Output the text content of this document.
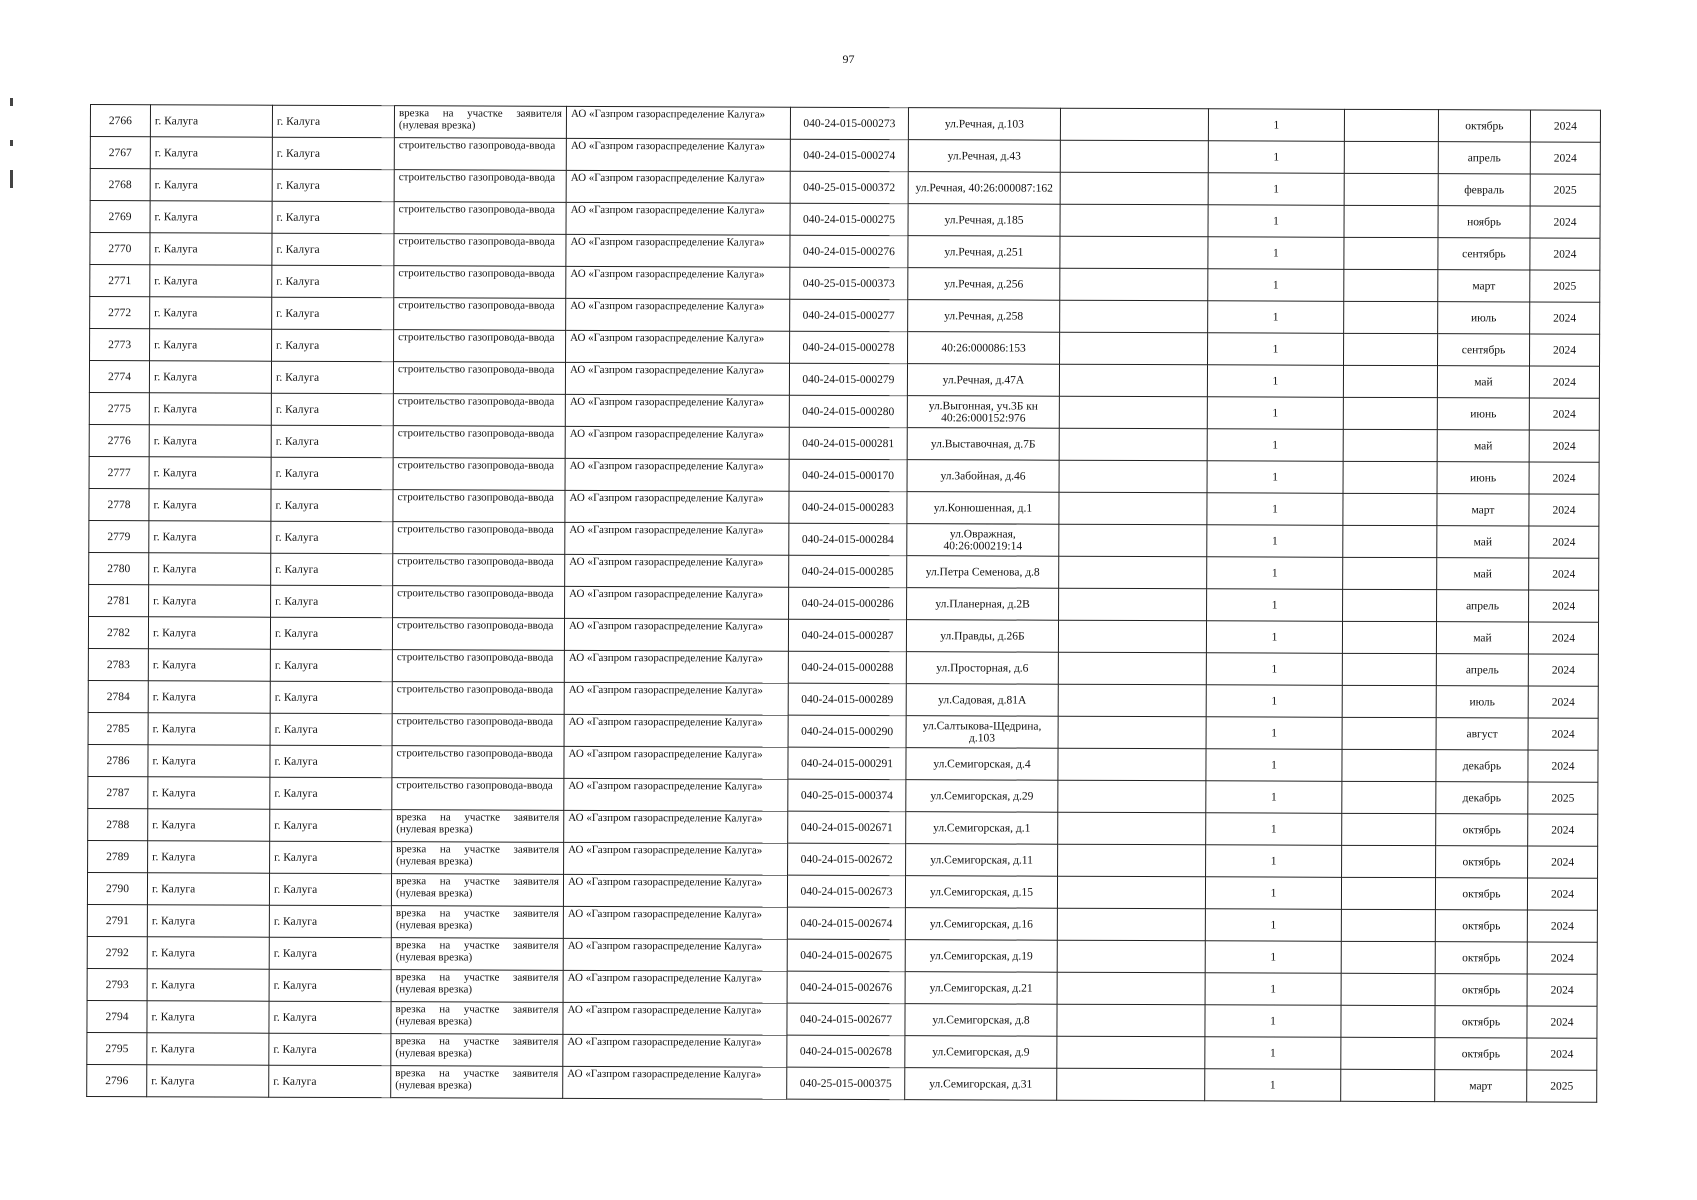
97
2766	г. Калуга	г. Калуга	врезка на участке заявителя (нулевая врезка)	АО «Газпром газораспределение Калуга»	040-24-015-000273	ул.Речная, д.103		1		октябрь	2024
2767	г. Калуга	г. Калуга	строительство газопровода-ввода	АО «Газпром газораспределение Калуга»	040-24-015-000274	ул.Речная, д.43		1		апрель	2024
2768	г. Калуга	г. Калуга	строительство газопровода-ввода	АО «Газпром газораспределение Калуга»	040-25-015-000372	ул.Речная, 40:26:000087:162		1		февраль	2025
2769	г. Калуга	г. Калуга	строительство газопровода-ввода	АО «Газпром газораспределение Калуга»	040-24-015-000275	ул.Речная, д.185		1		ноябрь	2024
2770	г. Калуга	г. Калуга	строительство газопровода-ввода	АО «Газпром газораспределение Калуга»	040-24-015-000276	ул.Речная, д.251		1		сентябрь	2024
2771	г. Калуга	г. Калуга	строительство газопровода-ввода	АО «Газпром газораспределение Калуга»	040-25-015-000373	ул.Речная, д.256		1		март	2025
2772	г. Калуга	г. Калуга	строительство газопровода-ввода	АО «Газпром газораспределение Калуга»	040-24-015-000277	ул.Речная, д.258		1		июль	2024
2773	г. Калуга	г. Калуга	строительство газопровода-ввода	АО «Газпром газораспределение Калуга»	040-24-015-000278	40:26:000086:153		1		сентябрь	2024
2774	г. Калуга	г. Калуга	строительство газопровода-ввода	АО «Газпром газораспределение Калуга»	040-24-015-000279	ул.Речная, д.47А		1		май	2024
2775	г. Калуга	г. Калуга	строительство газопровода-ввода	АО «Газпром газораспределение Калуга»	040-24-015-000280	ул.Выгонная, уч.3Б кн 40:26:000152:976		1		июнь	2024
2776	г. Калуга	г. Калуга	строительство газопровода-ввода	АО «Газпром газораспределение Калуга»	040-24-015-000281	ул.Выставочная, д.7Б		1		май	2024
2777	г. Калуга	г. Калуга	строительство газопровода-ввода	АО «Газпром газораспределение Калуга»	040-24-015-000170	ул.Забойная, д.46		1		июнь	2024
2778	г. Калуга	г. Калуга	строительство газопровода-ввода	АО «Газпром газораспределение Калуга»	040-24-015-000283	ул.Конюшенная, д.1		1		март	2024
2779	г. Калуга	г. Калуга	строительство газопровода-ввода	АО «Газпром газораспределение Калуга»	040-24-015-000284	ул.Овражная, 40:26:000219:14		1		май	2024
2780	г. Калуга	г. Калуга	строительство газопровода-ввода	АО «Газпром газораспределение Калуга»	040-24-015-000285	ул.Петра Семенова, д.8		1		май	2024
2781	г. Калуга	г. Калуга	строительство газопровода-ввода	АО «Газпром газораспределение Калуга»	040-24-015-000286	ул.Планерная, д.2В		1		апрель	2024
2782	г. Калуга	г. Калуга	строительство газопровода-ввода	АО «Газпром газораспределение Калуга»	040-24-015-000287	ул.Правды, д.26Б		1		май	2024
2783	г. Калуга	г. Калуга	строительство газопровода-ввода	АО «Газпром газораспределение Калуга»	040-24-015-000288	ул.Просторная, д.6		1		апрель	2024
2784	г. Калуга	г. Калуга	строительство газопровода-ввода	АО «Газпром газораспределение Калуга»	040-24-015-000289	ул.Садовая, д.81А		1		июль	2024
2785	г. Калуга	г. Калуга	строительство газопровода-ввода	АО «Газпром газораспределение Калуга»	040-24-015-000290	ул.Салтыкова-Щедрина, д.103		1		август	2024
2786	г. Калуга	г. Калуга	строительство газопровода-ввода	АО «Газпром газораспределение Калуга»	040-24-015-000291	ул.Семигорская, д.4		1		декабрь	2024
2787	г. Калуга	г. Калуга	строительство газопровода-ввода	АО «Газпром газораспределение Калуга»	040-25-015-000374	ул.Семигорская, д.29		1		декабрь	2025
2788	г. Калуга	г. Калуга	врезка на участке заявителя (нулевая врезка)	АО «Газпром газораспределение Калуга»	040-24-015-002671	ул.Семигорская, д.1		1		октябрь	2024
2789	г. Калуга	г. Калуга	врезка на участке заявителя (нулевая врезка)	АО «Газпром газораспределение Калуга»	040-24-015-002672	ул.Семигорская, д.11		1		октябрь	2024
2790	г. Калуга	г. Калуга	врезка на участке заявителя (нулевая врезка)	АО «Газпром газораспределение Калуга»	040-24-015-002673	ул.Семигорская, д.15		1		октябрь	2024
2791	г. Калуга	г. Калуга	врезка на участке заявителя (нулевая врезка)	АО «Газпром газораспределение Калуга»	040-24-015-002674	ул.Семигорская, д.16		1		октябрь	2024
2792	г. Калуга	г. Калуга	врезка на участке заявителя (нулевая врезка)	АО «Газпром газораспределение Калуга»	040-24-015-002675	ул.Семигорская, д.19		1		октябрь	2024
2793	г. Калуга	г. Калуга	врезка на участке заявителя (нулевая врезка)	АО «Газпром газораспределение Калуга»	040-24-015-002676	ул.Семигорская, д.21		1		октябрь	2024
2794	г. Калуга	г. Калуга	врезка на участке заявителя (нулевая врезка)	АО «Газпром газораспределение Калуга»	040-24-015-002677	ул.Семигорская, д.8		1		октябрь	2024
2795	г. Калуга	г. Калуга	врезка на участке заявителя (нулевая врезка)	АО «Газпром газораспределение Калуга»	040-24-015-002678	ул.Семигорская, д.9		1		октябрь	2024
2796	г. Калуга	г. Калуга	врезка на участке заявителя (нулевая врезка)	АО «Газпром газораспределение Калуга»	040-25-015-000375	ул.Семигорская, д.31		1		март	2025
